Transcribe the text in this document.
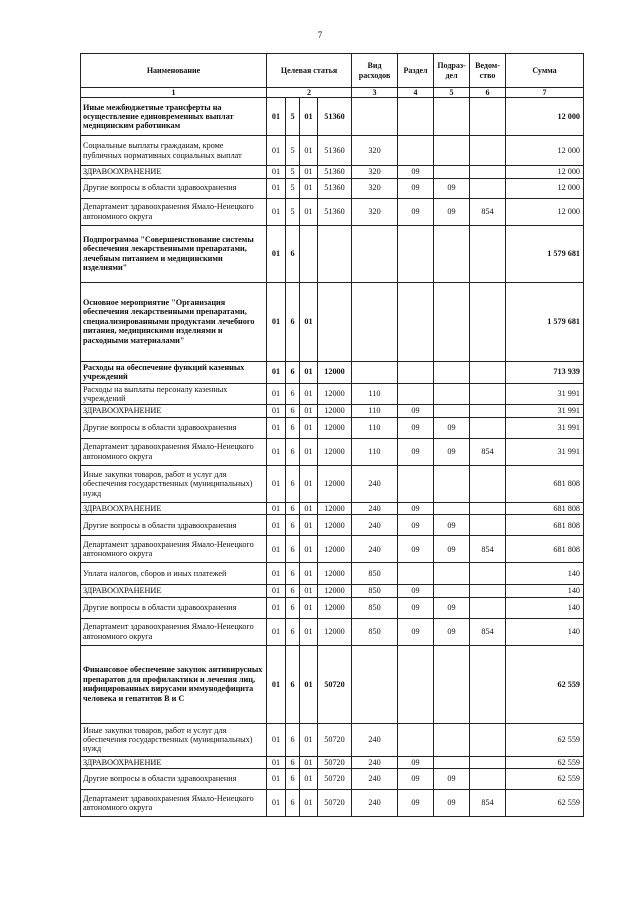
7
Наименование	Целевая статья				Вид расходов	Раздел	Подраз-дел	Ведом-ство	Сумма
1	2				3	4	5	6	7
Иные межбюджетные трансферты на осуществление единовременных выплат медицинским работникам	01	5	01	51360					12 000
Социальные выплаты гражданам, кроме публичных нормативных социальных выплат	01	5	01	51360	320				12 000
ЗДРАВООХРАНЕНИЕ	01	5	01	51360	320	09			12 000
Другие вопросы в области здравоохранения	01	5	01	51360	320	09	09		12 000
Департамент здравоохранения Ямало-Ненецкого автономного округа	01	5	01	51360	320	09	09	854	12 000
Подпрограмма "Совершенствование системы обеспечения лекарственными препаратами, лечебным питанием и медицинскими изделиями"	01	6							1 579 681
Основное мероприятие "Организация обеспечения лекарственными препаратами, специализированными продуктами лечебного питания, медицинскими изделиями и расходными материалами"	01	6	01						1 579 681
Расходы на обеспечение функций казенных учреждений	01	6	01	12000					713 939
Расходы на выплаты персоналу казенных учреждений	01	6	01	12000	110				31 991
ЗДРАВООХРАНЕНИЕ	01	6	01	12000	110	09			31 991
Другие вопросы в области здравоохранения	01	6	01	12000	110	09	09		31 991
Департамент здравоохранения Ямало-Ненецкого автономного округа	01	6	01	12000	110	09	09	854	31 991
Иные закупки товаров, работ и услуг для обеспечения государственных (муниципальных) нужд	01	6	01	12000	240				681 808
ЗДРАВООХРАНЕНИЕ	01	6	01	12000	240	09			681 808
Другие вопросы в области здравоохранения	01	6	01	12000	240	09	09		681 808
Департамент здравоохранения Ямало-Ненецкого автономного округа	01	6	01	12000	240	09	09	854	681 808
Уплата налогов, сборов и иных платежей	01	6	01	12000	850				140
ЗДРАВООХРАНЕНИЕ	01	6	01	12000	850	09			140
Другие вопросы в области здравоохранения	01	6	01	12000	850	09	09		140
Департамент здравоохранения Ямало-Ненецкого автономного округа	01	6	01	12000	850	09	09	854	140
Финансовое обеспечение закупок антивирусных препаратов для профилактики и лечения лиц, инфицированных вирусами иммунодефицита человека и гепатитов B и C	01	6	01	50720					62 559
Иные закупки товаров, работ и услуг для обеспечения государственных (муниципальных) нужд	01	6	01	50720	240				62 559
ЗДРАВООХРАНЕНИЕ	01	6	01	50720	240	09			62 559
Другие вопросы в области здравоохранения	01	6	01	50720	240	09	09		62 559
Департамент здравоохранения Ямало-Ненецкого автономного округа	01	6	01	50720	240	09	09	854	62 559
